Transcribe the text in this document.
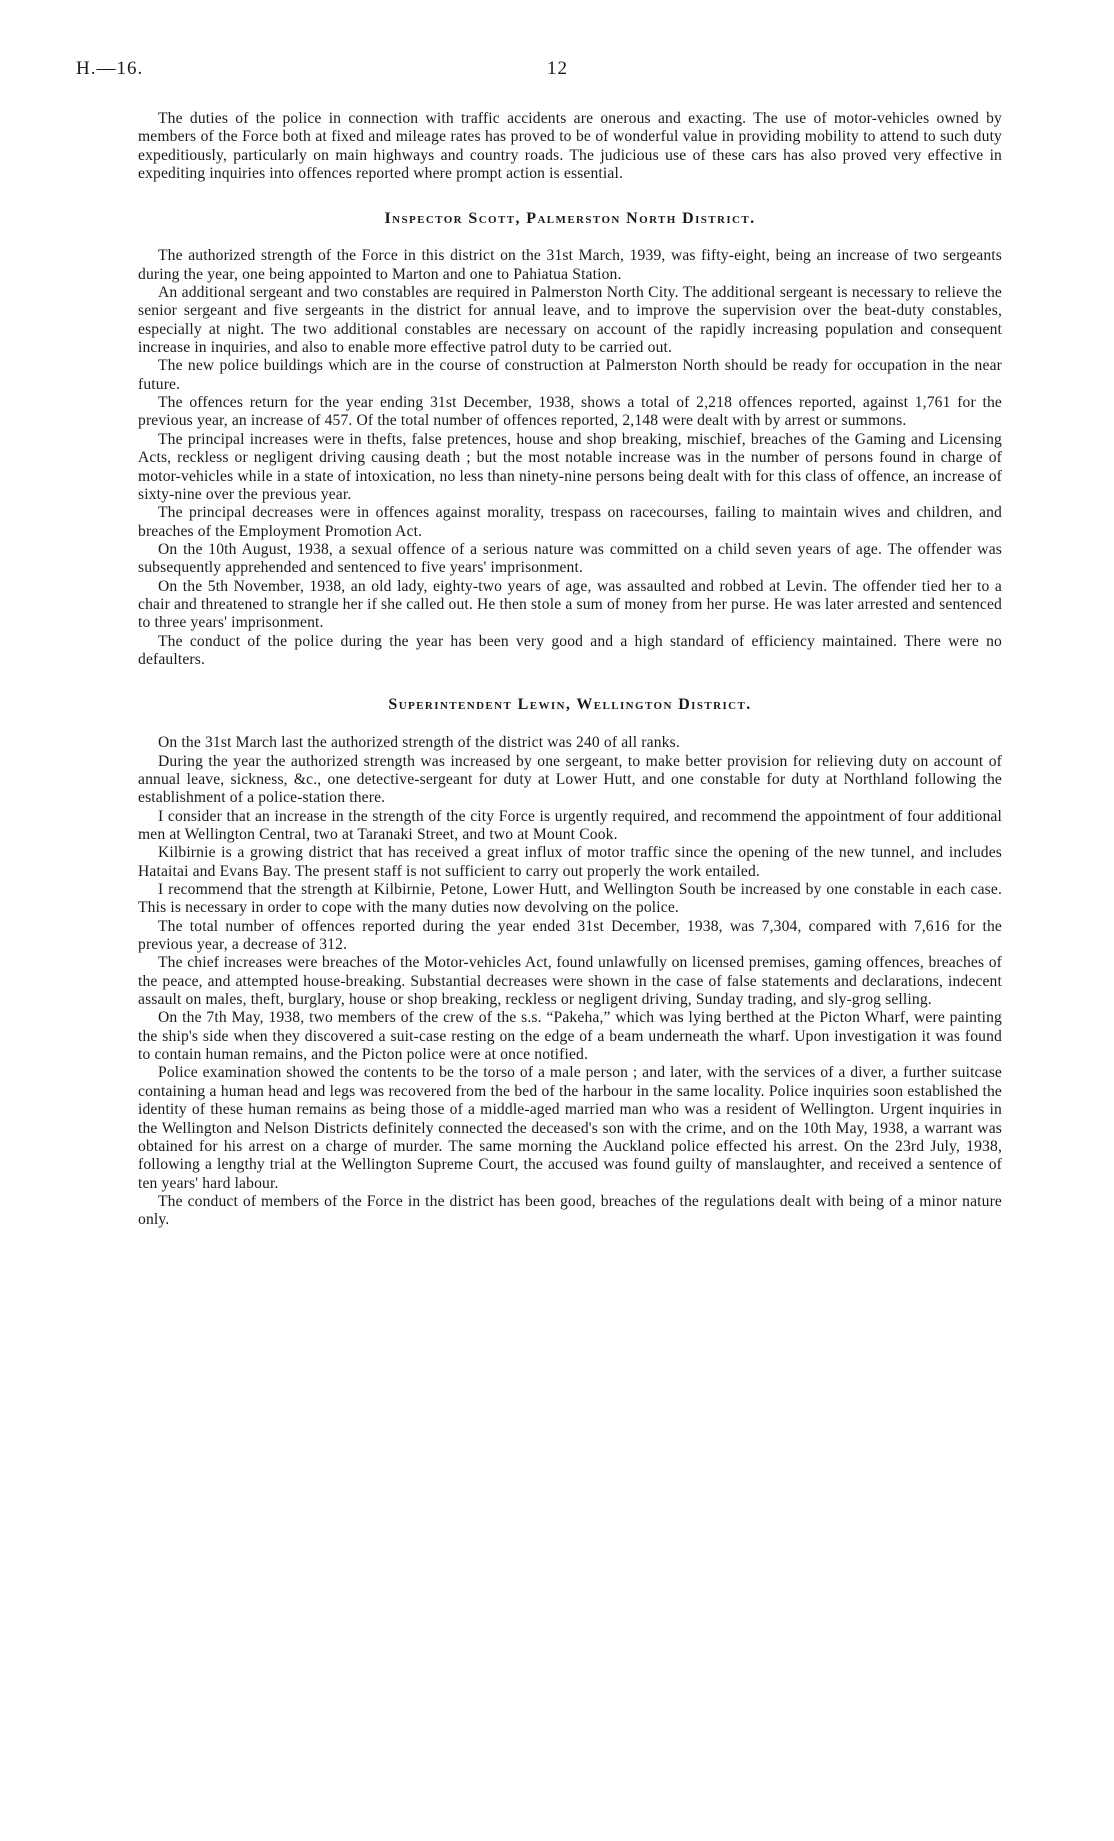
H.—16.	12

The duties of the police in connection with traffic accidents are onerous and exacting. The use of motor-vehicles owned by members of the Force both at fixed and mileage rates has proved to be of wonderful value in providing mobility to attend to such duty expeditiously, particularly on main highways and country roads. The judicious use of these cars has also proved very effective in expediting inquiries into offences reported where prompt action is essential.

Inspector Scott, Palmerston North District.

The authorized strength of the Force in this district on the 31st March, 1939, was fifty-eight, being an increase of two sergeants during the year, one being appointed to Marton and one to Pahiatua Station.

An additional sergeant and two constables are required in Palmerston North City. The additional sergeant is necessary to relieve the senior sergeant and five sergeants in the district for annual leave, and to improve the supervision over the beat-duty constables, especially at night. The two additional constables are necessary on account of the rapidly increasing population and consequent increase in inquiries, and also to enable more effective patrol duty to be carried out.

The new police buildings which are in the course of construction at Palmerston North should be ready for occupation in the near future.

The offences return for the year ending 31st December, 1938, shows a total of 2,218 offences reported, against 1,761 for the previous year, an increase of 457. Of the total number of offences reported, 2,148 were dealt with by arrest or summons.

The principal increases were in thefts, false pretences, house and shop breaking, mischief, breaches of the Gaming and Licensing Acts, reckless or negligent driving causing death ; but the most notable increase was in the number of persons found in charge of motor-vehicles while in a state of intoxication, no less than ninety-nine persons being dealt with for this class of offence, an increase of sixty-nine over the previous year.

The principal decreases were in offences against morality, trespass on racecourses, failing to maintain wives and children, and breaches of the Employment Promotion Act.

On the 10th August, 1938, a sexual offence of a serious nature was committed on a child seven years of age. The offender was subsequently apprehended and sentenced to five years' imprisonment.

On the 5th November, 1938, an old lady, eighty-two years of age, was assaulted and robbed at Levin. The offender tied her to a chair and threatened to strangle her if she called out. He then stole a sum of money from her purse. He was later arrested and sentenced to three years' imprisonment.

The conduct of the police during the year has been very good and a high standard of efficiency maintained. There were no defaulters.

Superintendent Lewin, Wellington District.

On the 31st March last the authorized strength of the district was 240 of all ranks.

During the year the authorized strength was increased by one sergeant, to make better provision for relieving duty on account of annual leave, sickness, &c., one detective-sergeant for duty at Lower Hutt, and one constable for duty at Northland following the establishment of a police-station there.

I consider that an increase in the strength of the city Force is urgently required, and recommend the appointment of four additional men at Wellington Central, two at Taranaki Street, and two at Mount Cook.

Kilbirnie is a growing district that has received a great influx of motor traffic since the opening of the new tunnel, and includes Hataitai and Evans Bay. The present staff is not sufficient to carry out properly the work entailed.

I recommend that the strength at Kilbirnie, Petone, Lower Hutt, and Wellington South be increased by one constable in each case. This is necessary in order to cope with the many duties now devolving on the police.

The total number of offences reported during the year ended 31st December, 1938, was 7,304, compared with 7,616 for the previous year, a decrease of 312.

The chief increases were breaches of the Motor-vehicles Act, found unlawfully on licensed premises, gaming offences, breaches of the peace, and attempted house-breaking. Substantial decreases were shown in the case of false statements and declarations, indecent assault on males, theft, burglary, house or shop breaking, reckless or negligent driving, Sunday trading, and sly-grog selling.

On the 7th May, 1938, two members of the crew of the s.s. “Pakeha,” which was lying berthed at the Picton Wharf, were painting the ship's side when they discovered a suit-case resting on the edge of a beam underneath the wharf. Upon investigation it was found to contain human remains, and the Picton police were at once notified.

Police examination showed the contents to be the torso of a male person ; and later, with the services of a diver, a further suitcase containing a human head and legs was recovered from the bed of the harbour in the same locality. Police inquiries soon established the identity of these human remains as being those of a middle-aged married man who was a resident of Wellington. Urgent inquiries in the Wellington and Nelson Districts definitely connected the deceased's son with the crime, and on the 10th May, 1938, a warrant was obtained for his arrest on a charge of murder. The same morning the Auckland police effected his arrest. On the 23rd July, 1938, following a lengthy trial at the Wellington Supreme Court, the accused was found guilty of manslaughter, and received a sentence of ten years' hard labour.

The conduct of members of the Force in the district has been good, breaches of the regulations dealt with being of a minor nature only.
